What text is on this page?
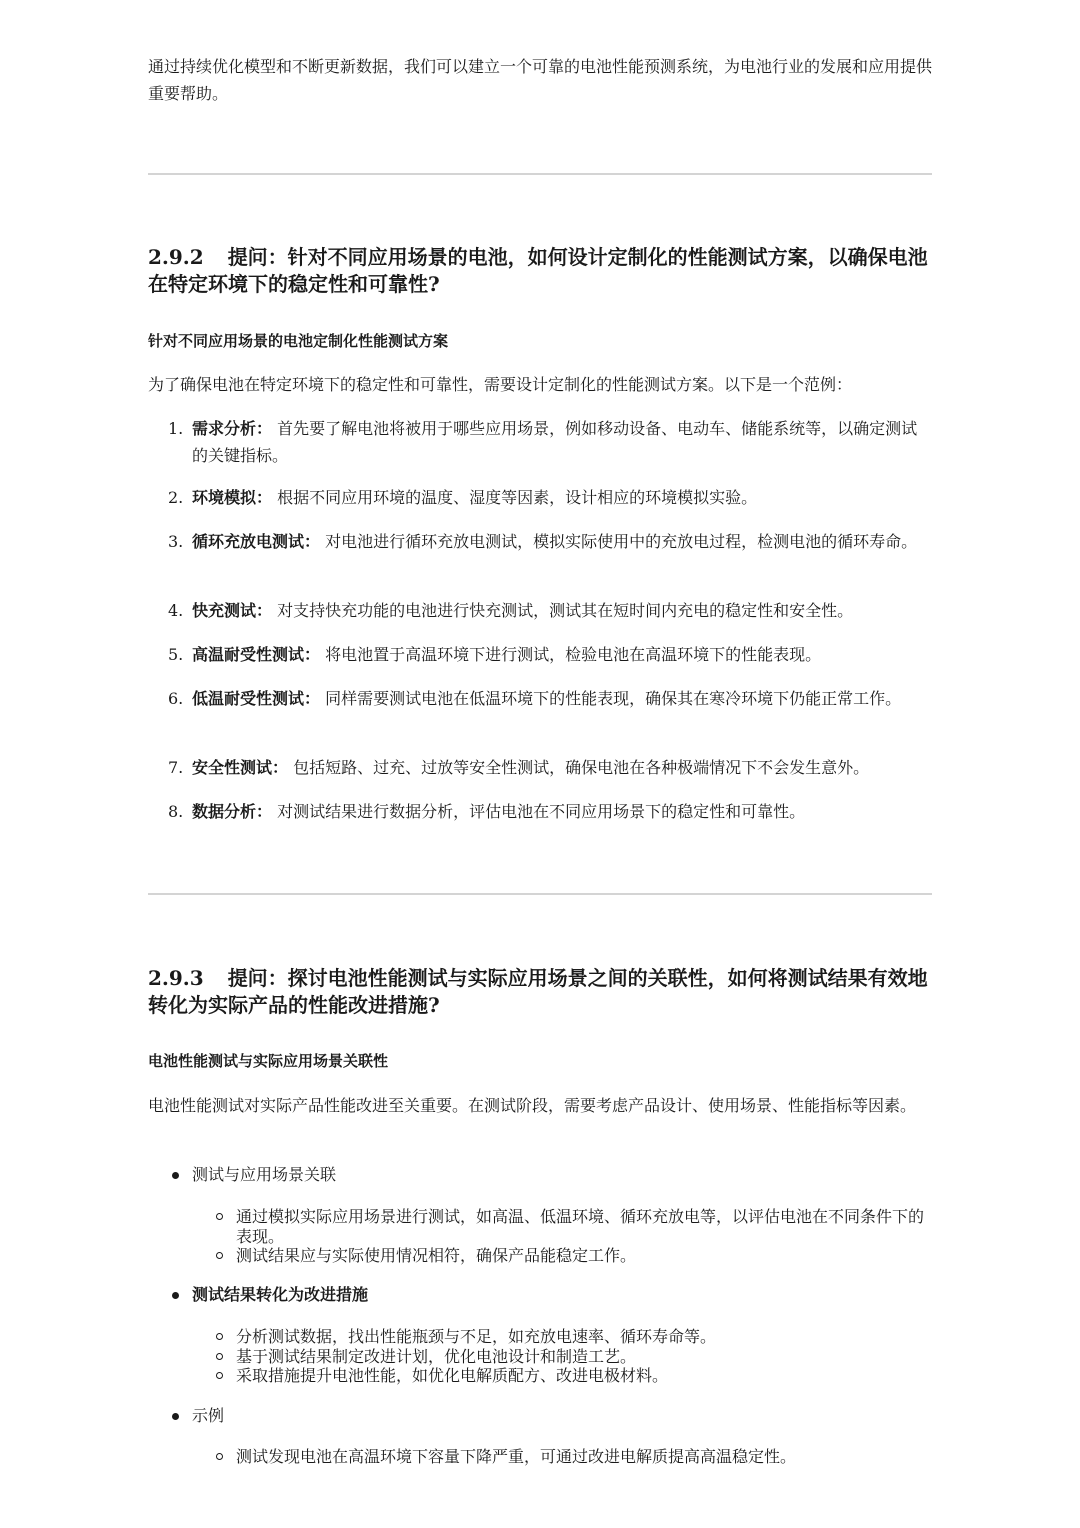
通过持续优化模型和不断更新数据，我们可以建立一个可靠的电池性能预测系统，为电池行业的发展和应用提供重要帮助。

2.9.2 提问：针对不同应用场景的电池，如何设计定制化的性能测试方案，以确保电池在特定环境下的稳定性和可靠性?
针对不同应用场景的电池定制化性能测试方案

为了确保电池在特定环境下的稳定性和可靠性，需要设计定制化的性能测试方案。以下是一个范例：

1. 需求分析： 首先要了解电池将被用于哪些应用场景，例如移动设备、电动车、储能系统等，以确定测试的关键指标。
2. 环境模拟： 根据不同应用环境的温度、湿度等因素，设计相应的环境模拟实验。
3. 循环充放电测试： 对电池进行循环充放电测试，模拟实际使用中的充放电过程，检测电池的循环寿命。
4. 快充测试： 对支持快充功能的电池进行快充测试，测试其在短时间内充电的稳定性和安全性。
5. 高温耐受性测试： 将电池置于高温环境下进行测试，检验电池在高温环境下的性能表现。
6. 低温耐受性测试： 同样需要测试电池在低温环境下的性能表现，确保其在寒冷环境下仍能正常工作。
7. 安全性测试： 包括短路、过充、过放等安全性测试，确保电池在各种极端情况下不会发生意外。
8. 数据分析： 对测试结果进行数据分析，评估电池在不同应用场景下的稳定性和可靠性。
2.9.3 提问：探讨电池性能测试与实际应用场景之间的关联性，如何将测试结果有效地转化为实际产品的性能改进措施?
电池性能测试与实际应用场景关联性

电池性能测试对实际产品性能改进至关重要。在测试阶段，需要考虑产品设计、使用场景、性能指标等因素。

测试与应用场景关联
通过模拟实际应用场景进行测试，如高温、低温环境、循环充放电等，以评估电池在不同条件下的表现。
测试结果应与实际使用情况相符，确保产品能稳定工作。
测试结果转化为改进措施
分析测试数据，找出性能瓶颈与不足，如充放电速率、循环寿命等。
基于测试结果制定改进计划，优化电池设计和制造工艺。
采取措施提升电池性能，如优化电解质配方、改进电极材料。
示例
测试发现电池在高温环境下容量下降严重，可通过改进电解质提高高温稳定性。
